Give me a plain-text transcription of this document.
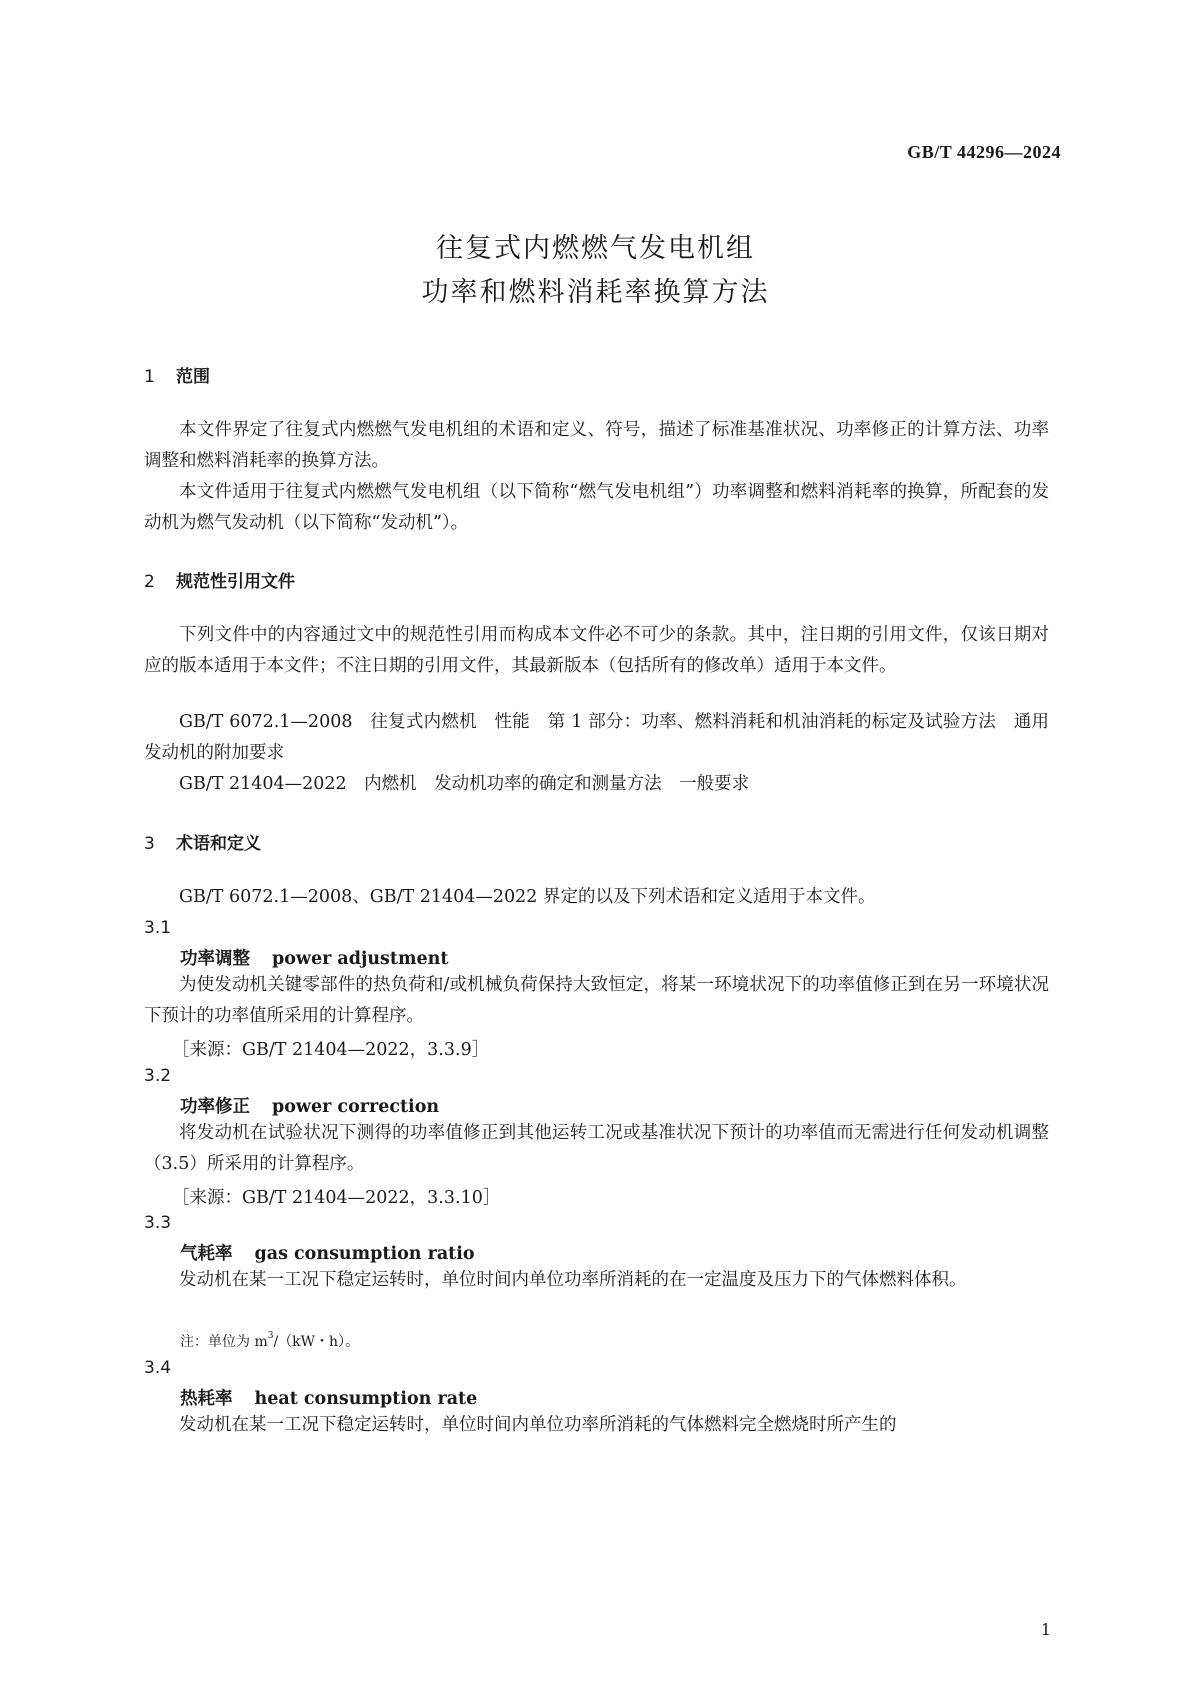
GB/T 44296—2024
往复式内燃燃气发电机组
功率和燃料消耗率换算方法
1 范围

本文件界定了往复式内燃燃气发电机组的术语和定义、符号，描述了标准基准状况、功率修正的计算方法、功率调整和燃料消耗率的换算方法。

本文件适用于往复式内燃燃气发电机组（以下简称“燃气发电机组”）功率调整和燃料消耗率的换算，所配套的发动机为燃气发动机（以下简称“发动机”）。

2 规范性引用文件

下列文件中的内容通过文中的规范性引用而构成本文件必不可少的条款。其中，注日期的引用文件，仅该日期对应的版本适用于本文件；不注日期的引用文件，其最新版本（包括所有的修改单）适用于本文件。

GB/T 6072.1—2008　往复式内燃机　性能　第 1 部分：功率、燃料消耗和机油消耗的标定及试验方法　通用发动机的附加要求

GB/T 21404—2022　内燃机　发动机功率的确定和测量方法　一般要求

3 术语和定义

GB/T 6072.1—2008、GB/T 21404—2022 界定的以及下列术语和定义适用于本文件。

3.1
功率调整 power adjustment

为使发动机关键零部件的热负荷和/或机械负荷保持大致恒定，将某一环境状况下的功率值修正到在另一环境状况下预计的功率值所采用的计算程序。

［来源：GB/T 21404—2022，3.3.9］
3.2
功率修正 power correction

将发动机在试验状况下测得的功率值修正到其他运转工况或基准状况下预计的功率值而无需进行任何发动机调整（3.5）所采用的计算程序。

［来源：GB/T 21404—2022，3.3.10］
3.3
气耗率 gas consumption ratio

发动机在某一工况下稳定运转时，单位时间内单位功率所消耗的在一定温度及压力下的气体燃料体积。

注：单位为 $m^3/(kW$・h）。
3.4
热耗率 heat consumption rate

发动机在某一工况下稳定运转时，单位时间内单位功率所消耗的气体燃料完全燃烧时所产生的

1
